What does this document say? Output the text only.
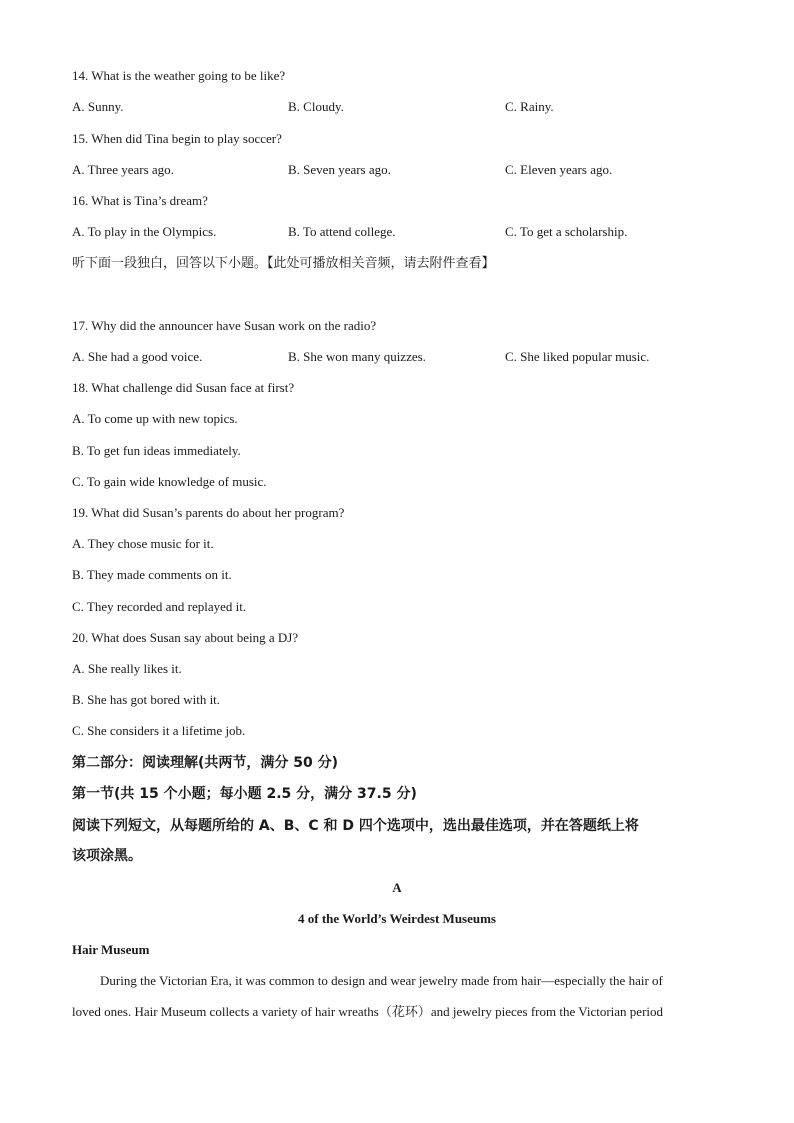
14. What is the weather going to be like?
A. Sunny.	B. Cloudy.	C. Rainy.
15. When did Tina begin to play soccer?
A. Three years ago.	B. Seven years ago.	C. Eleven years ago.
16. What is Tina’s dream?
A. To play in the Olympics.	B. To attend college.	C. To get a scholarship.
听下面一段独白，回答以下小题。【此处可播放相关音频，请去附件查看】
17. Why did the announcer have Susan work on the radio?
A. She had a good voice.	B. She won many quizzes.	C. She liked popular music.
18. What challenge did Susan face at first?
A. To come up with new topics.
B. To get fun ideas immediately.
C. To gain wide knowledge of music.
19. What did Susan’s parents do about her program?
A. They chose music for it.
B. They made comments on it.
C. They recorded and replayed it.
20. What does Susan say about being a DJ?
A. She really likes it.
B. She has got bored with it.
C. She considers it a lifetime job.
第二部分：阅读理解(共两节，满分 50 分)
第一节(共 15 个小题；每小题 2.5 分，满分 37.5 分)
阅读下列短文，从每题所给的 A、B、C 和 D 四个选项中，选出最佳选项，并在答题纸上将
该项涂黑。
A
4 of the World’s Weirdest Museums
Hair Museum
During the Victorian Era, it was common to design and wear jewelry made from hair—especially the hair of
loved ones. Hair Museum collects a variety of hair wreaths（花环）and jewelry pieces from the Victorian period
